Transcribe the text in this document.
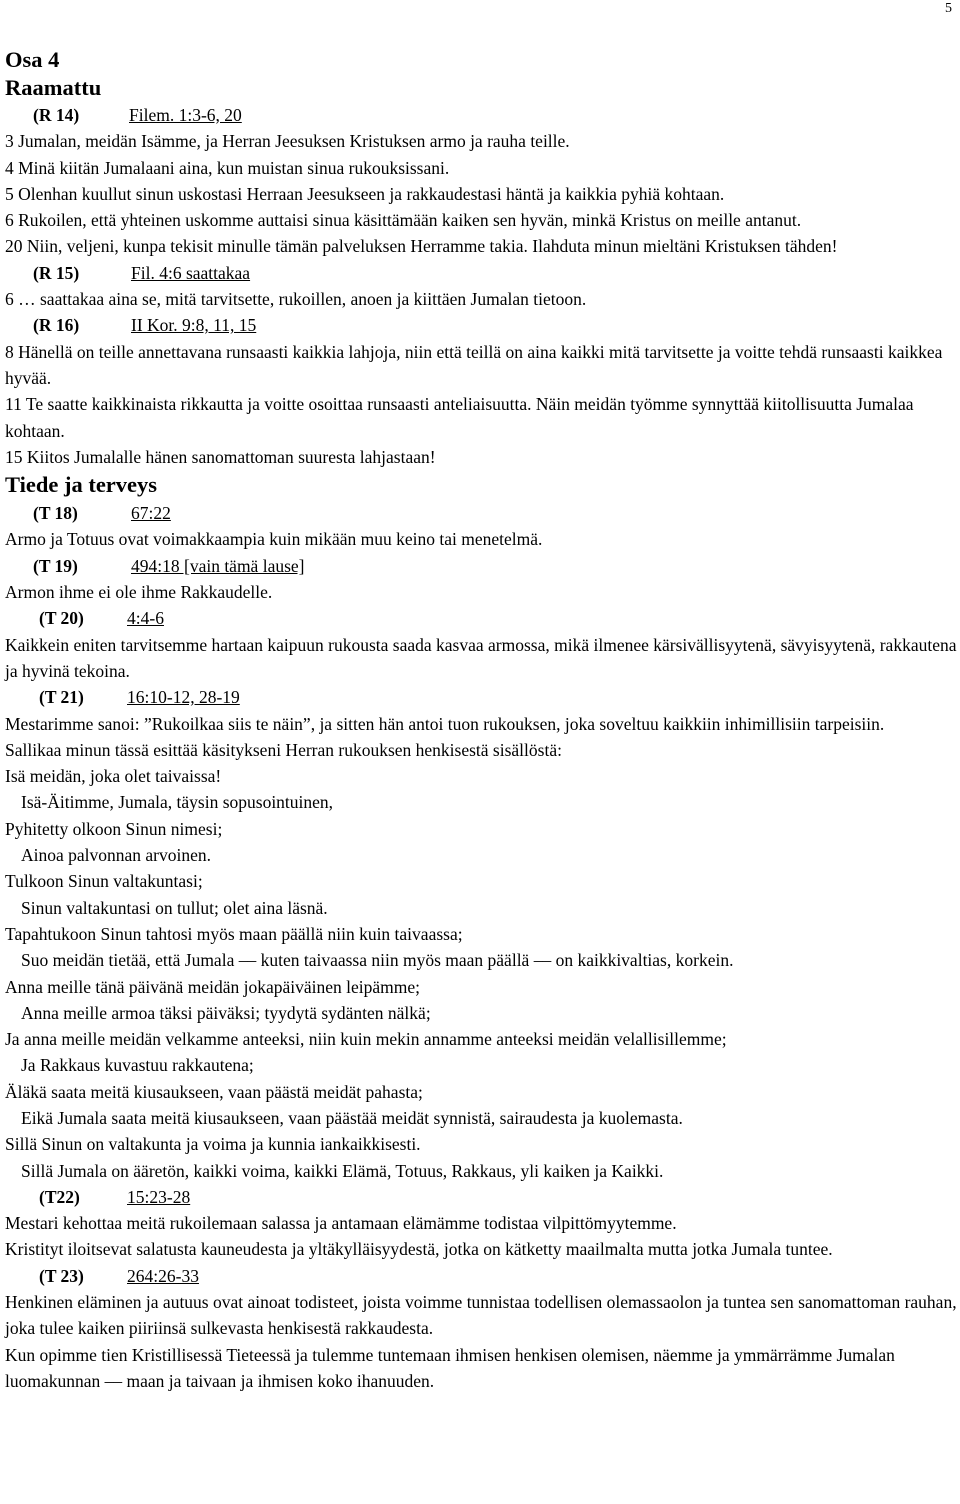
5
Osa 4
Raamattu
(R 14)	Filem. 1:3-6, 20

3 Jumalan, meidän Isämme, ja Herran Jeesuksen Kristuksen armo ja rauha teille.

4 Minä kiitän Jumalaani aina, kun muistan sinua rukouksissani.

5 Olenhan kuullut sinun uskostasi Herraan Jeesukseen ja rakkaudestasi häntä ja kaikkia pyhiä kohtaan.

6 Rukoilen, että yhteinen uskomme auttaisi sinua käsittämään kaiken sen hyvän, minkä Kristus on meille antanut.

20 Niin, veljeni, kunpa tekisit minulle tämän palveluksen Herramme takia. Ilahduta minun mieltäni Kristuksen tähden!

(R 15)	Fil. 4:6 saattakaa

6 … saattakaa aina se, mitä tarvitsette, rukoillen, anoen ja kiittäen Jumalan tietoon.

(R 16)	II Kor. 9:8, 11, 15

8 Hänellä on teille annettavana runsaasti kaikkia lahjoja, niin että teillä on aina kaikki mitä tarvitsette ja voitte tehdä runsaasti kaikkea hyvää.

11 Te saatte kaikkinaista rikkautta ja voitte osoittaa runsaasti anteliaisuutta. Näin meidän työmme synnyttää kiitollisuutta Jumalaa kohtaan.

15 Kiitos Jumalalle hänen sanomattoman suuresta lahjastaan!

Tiede ja terveys
(T 18)	67:22

Armo ja Totuus ovat voimakkaampia kuin mikään muu keino tai menetelmä.

(T 19)	494:18 [vain tämä lause]

Armon ihme ei ole ihme Rakkaudelle.

(T 20) 4:4-6

Kaikkein eniten tarvitsemme hartaan kaipuun rukousta saada kasvaa armossa, mikä ilmenee kärsivällisyytenä, sävyisyytenä, rakkautena ja hyvinä tekoina.

(T 21) 16:10-12, 28-19

Mestarimme sanoi: ”Rukoilkaa siis te näin”, ja sitten hän antoi tuon rukouksen, joka soveltuu kaikkiin inhimillisiin tarpeisiin.

Sallikaa minun tässä esittää käsitykseni Herran rukouksen henkisestä sisällöstä:

Isä meidän, joka olet taivaissa!

Isä-Äitimme, Jumala, täysin sopusointuinen,

Pyhitetty olkoon Sinun nimesi;

Ainoa palvonnan arvoinen.

Tulkoon Sinun valtakuntasi;

Sinun valtakuntasi on tullut; olet aina läsnä.

Tapahtukoon Sinun tahtosi myös maan päällä niin kuin taivaassa;

Suo meidän tietää, että Jumala –– kuten taivaassa niin myös maan päällä –– on kaikkivaltias, korkein.

Anna meille tänä päivänä meidän jokapäiväinen leipämme;

Anna meille armoa täksi päiväksi; tyydytä sydänten nälkä;

Ja anna meille meidän velkamme anteeksi, niin kuin mekin annamme anteeksi meidän velallisillemme;

Ja Rakkaus kuvastuu rakkautena;

Äläkä saata meitä kiusaukseen, vaan päästä meidät pahasta;

Eikä Jumala saata meitä kiusaukseen, vaan päästää meidät synnistä, sairaudesta ja kuolemasta.

Sillä Sinun on valtakunta ja voima ja kunnia iankaikkisesti.

Sillä Jumala on ääretön, kaikki voima, kaikki Elämä, Totuus, Rakkaus, yli kaiken ja Kaikki.

(T22)	15:23-28

Mestari kehottaa meitä rukoilemaan salassa ja antamaan elämämme todistaa vilpittömyytemme.

Kristityt iloitsevat salatusta kauneudesta ja yltäkylläisyydestä, jotka on kätketty maailmalta mutta jotka Jumala tuntee.

(T 23) 264:26-33

Henkinen eläminen ja autuus ovat ainoat todisteet, joista voimme tunnistaa todellisen olemassaolon ja tuntea sen sanomattoman rauhan, joka tulee kaiken piiriinsä sulkevasta henkisestä rakkaudesta.

Kun opimme tien Kristillisessä Tieteessä ja tulemme tuntemaan ihmisen henkisen olemisen, näemme ja ymmärrämme Jumalan luomakunnan –– maan ja taivaan ja ihmisen koko ihanuuden.
